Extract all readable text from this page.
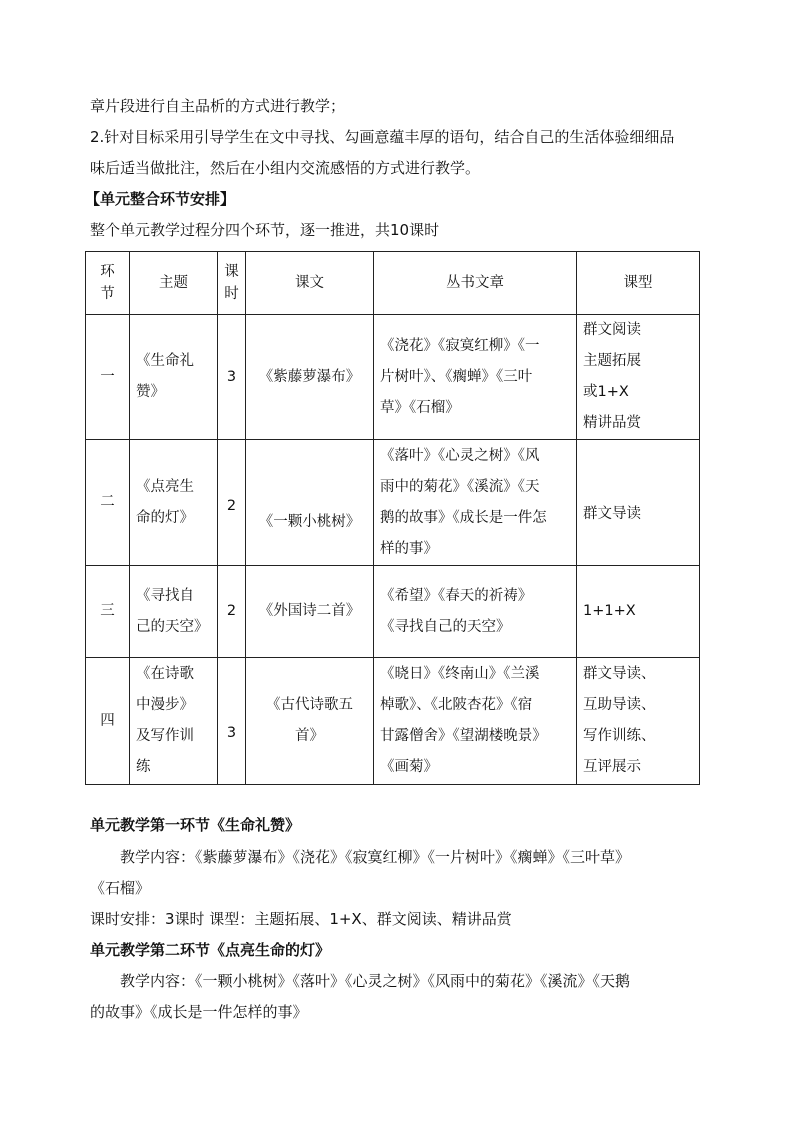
章片段进行自主品析的方式进行教学；
2.针对目标采用引导学生在文中寻找、勾画意蕴丰厚的语句，结合自己的生活体验细细品
味后适当做批注，然后在小组内交流感悟的方式进行教学。
【单元整合环节安排】
整个单元教学过程分四个环节，逐一推进，共10课时
环
节	主题	课
时	课文	丛书文章	课型
一	《生命礼
赞》	3	《紫藤萝瀑布》	《浇花》《寂寞红柳》《一
片树叶》、《瘸蝉》《三叶
草》《石榴》	群文阅读
主题拓展
或1+X
精讲品赏

二	《点亮生
命的灯》	2	《一颗小桃树》	《落叶》《心灵之树》《风
雨中的菊花》《溪流》《天
鹅的故事》《成长是一件怎
样的事》	群文导读

三	《寻找自
己的天空》	2	《外国诗二首》	《希望》《春天的祈祷》
《寻找自己的天空》	1+1+X

四	《在诗歌
中漫步》
及写作训
练	3	《古代诗歌五
首》	《晓日》《终南山》《兰溪
棹歌》、《北陂杏花》《宿
甘露僧舍》《望湖楼晚景》
《画菊》	群文导读、
互助导读、
写作训练、
互评展示
单元教学第一环节《生命礼赞》
教学内容：《紫藤萝瀑布》《浇花》《寂寞红柳》《一片树叶》《瘸蝉》《三叶草》
《石榴》
课时安排：3课时 课型：主题拓展、1+X、群文阅读、精讲品赏
单元教学第二环节《点亮生命的灯》
教学内容：《一颗小桃树》《落叶》《心灵之树》《风雨中的菊花》《溪流》《天鹅
的故事》《成长是一件怎样的事》
